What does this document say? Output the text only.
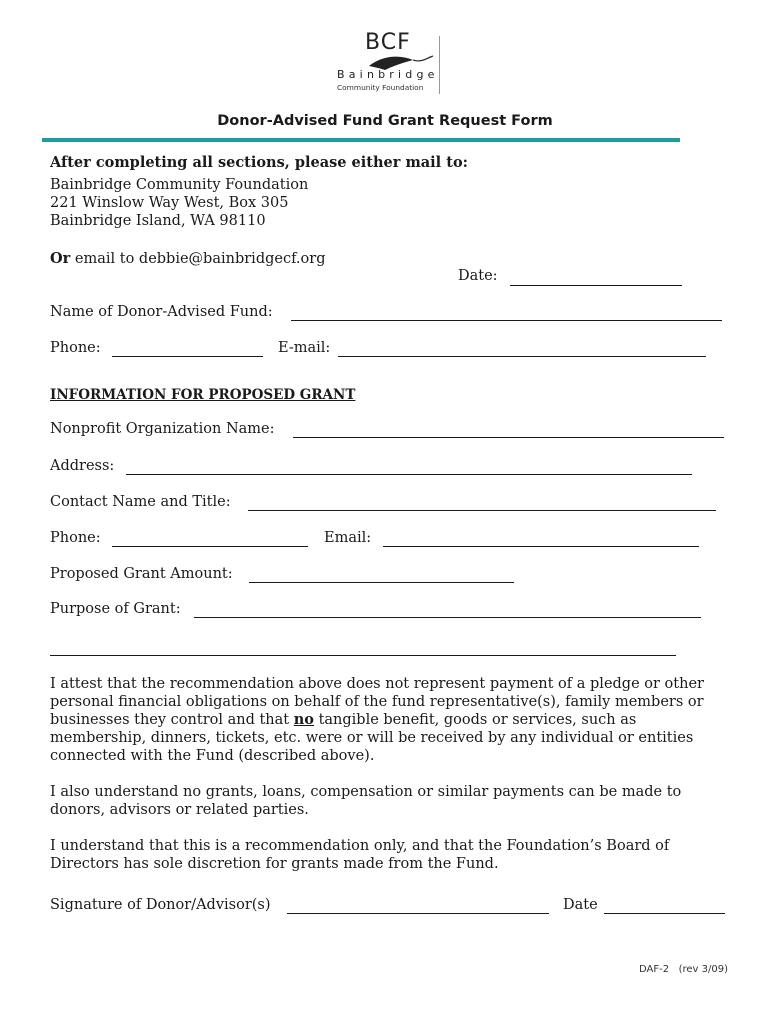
BCF
Bainbridge
Community Foundation
Donor-Advised Fund Grant Request Form
After completing all sections, please either mail to:
Bainbridge Community Foundation
221 Winslow Way West, Box 305
Bainbridge Island, WA 98110
Or email to debbie@bainbridgecf.org
Date:
Name of Donor-Advised Fund:
Phone:	E-mail:
INFORMATION FOR PROPOSED GRANT
Nonprofit Organization Name:
Address:
Contact Name and Title:
Phone:	Email:
Proposed Grant Amount:
Purpose of Grant:
I attest that the recommendation above does not represent payment of a pledge or other personal financial obligations on behalf of the fund representative(s), family members or businesses they control and that no tangible benefit, goods or services, such as membership, dinners, tickets, etc. were or will be received by any individual or entities connected with the Fund (described above).
I also understand no grants, loans, compensation or similar payments can be made to donors, advisors or related parties.
I understand that this is a recommendation only, and that the Foundation’s Board of Directors has sole discretion for grants made from the Fund.
Signature of Donor/Advisor(s)	Date
DAF-2   (rev 3/09)
